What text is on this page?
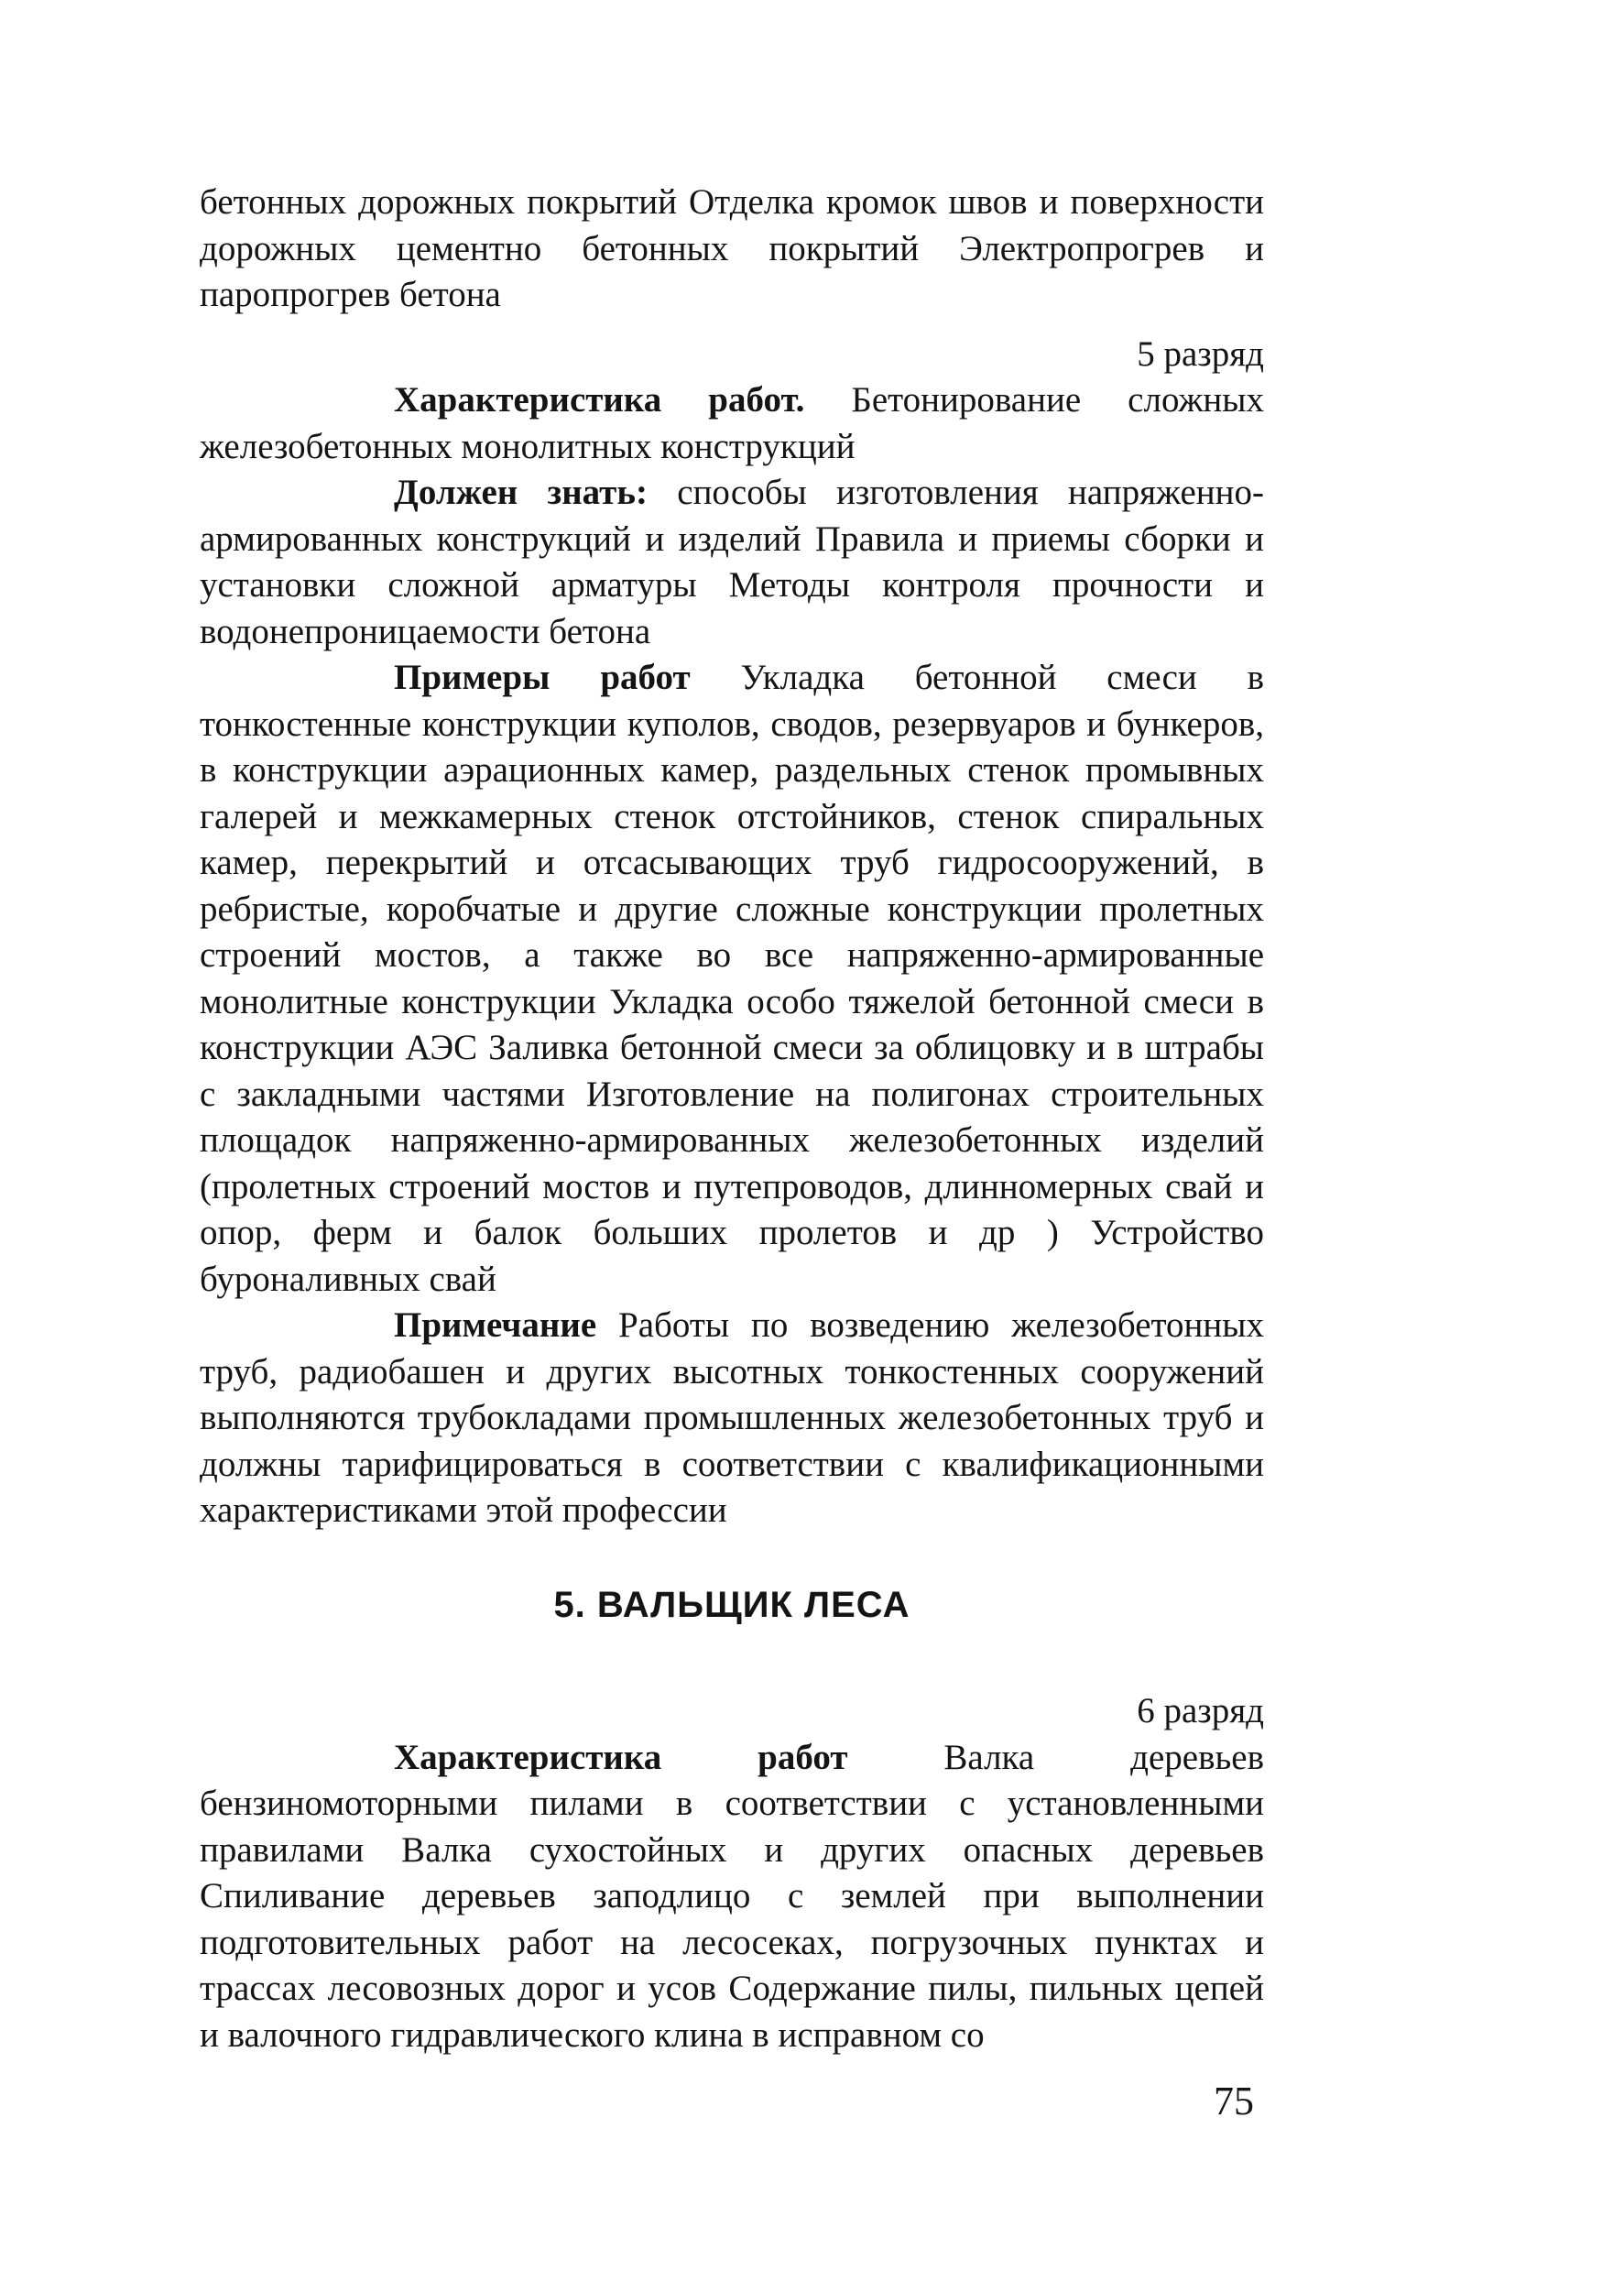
бетонных дорожных покрытий Отделка кромок швов и поверхности дорожных цементно бетонных покрытий Электропрогрев и паропрогрев бетона

5 разряд

Характеристика работ. Бетонирование сложных железобетонных монолитных конструкций

Должен знать: способы изготовления напряженно-армированных конструкций и изделий Правила и приемы сборки и установки сложной арматуры Методы контроля прочности и водонепроницаемости бетона

Примеры работ Укладка бетонной смеси в тонкостенные конструкции куполов, сводов, резервуаров и бункеров, в конструкции аэрационных камер, раздельных стенок промывных галерей и межкамерных стенок отстойников, стенок спиральных камер, перекрытий и отсасывающих труб гидросооружений, в ребристые, коробчатые и другие сложные конструкции пролетных строений мостов, а также во все напряженно-армированные монолитные конструкции Укладка особо тяжелой бетонной смеси в конструкции АЭС Заливка бетонной смеси за облицовку и в штрабы с закладными частями Изготовление на полигонах строительных площадок напряженно-армированных железобетонных изделий (пролетных строений мостов и путепроводов, длинномерных свай и опор, ферм и балок больших пролетов и др ) Устройство буроналивных свай

Примечание Работы по возведению железобетонных труб, радиобашен и других высотных тонкостенных сооружений выполняются трубокладами промышленных железобетонных труб и должны тарифицироваться в соответствии с квалификационными характеристиками этой профессии

5. ВАЛЬЩИК ЛЕСА

6 разряд

Характеристика работ Валка деревьев бензиномоторными пилами в соответствии с установленными правилами Валка сухостойных и других опасных деревьев Спиливание деревьев заподлицо с землей при выполнении подготовительных работ на лесосеках, погрузочных пунктах и трассах лесовозных дорог и усов Содержание пилы, пильных цепей и валочного гидравлического клина в исправном со

75
